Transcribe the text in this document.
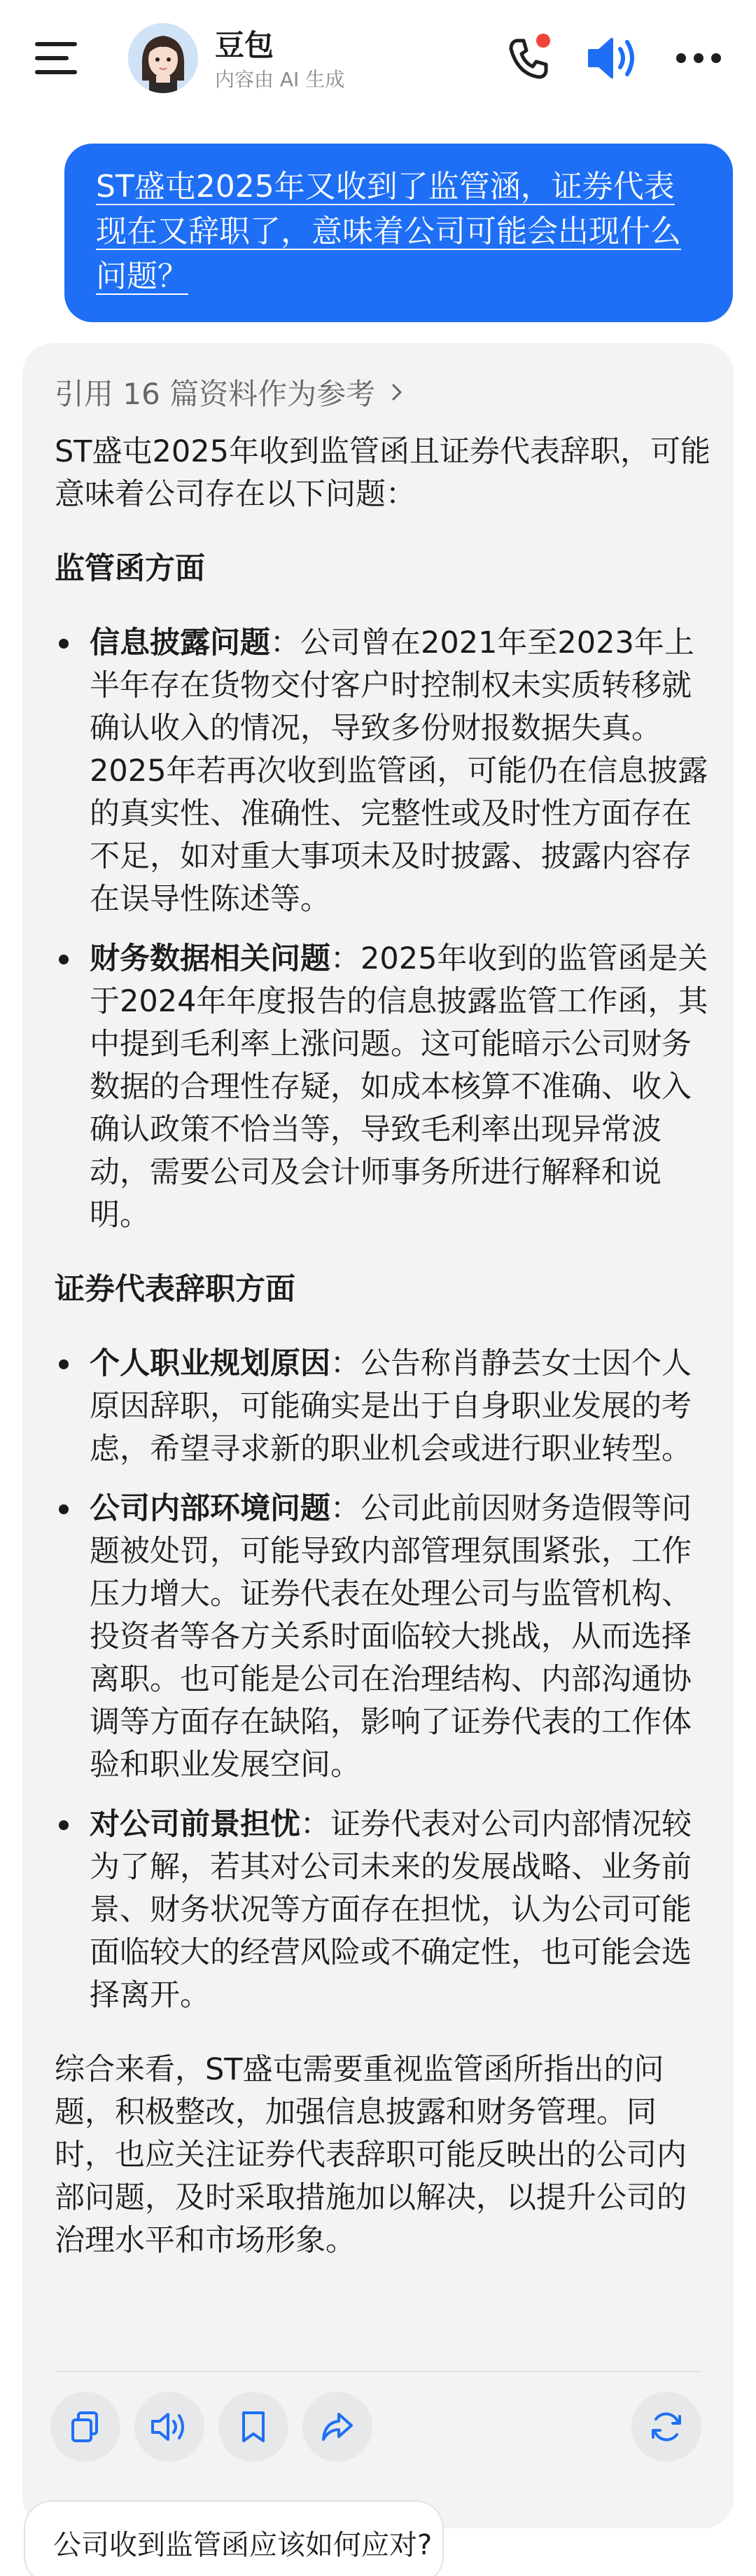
豆包
内容由 AI 生成

ST盛屯2025年又收到了监管涵，证券代表现在又辞职了，意味着公司可能会出现什么问题？

引用 16 篇资料作为参考

ST盛屯2025年收到监管函且证券代表辞职，可能意味着公司存在以下问题：

监管函方面
信息披露问题：公司曾在2021年至2023年上半年存在货物交付客户时控制权未实质转移就确认收入的情况，导致多份财报数据失真。2025年若再次收到监管函，可能仍在信息披露的真实性、准确性、完整性或及时性方面存在不足，如对重大事项未及时披露、披露内容存在误导性陈述等。
财务数据相关问题：2025年收到的监管函是关于2024年年度报告的信息披露监管工作函，其中提到毛利率上涨问题。这可能暗示公司财务数据的合理性存疑，如成本核算不准确、收入确认政策不恰当等，导致毛利率出现异常波动，需要公司及会计师事务所进行解释和说明。
证券代表辞职方面
个人职业规划原因：公告称肖静芸女士因个人原因辞职，可能确实是出于自身职业发展的考虑，希望寻求新的职业机会或进行职业转型。
公司内部环境问题：公司此前因财务造假等问题被处罚，可能导致内部管理氛围紧张，工作压力增大。证券代表在处理公司与监管机构、投资者等各方关系时面临较大挑战，从而选择离职。也可能是公司在治理结构、内部沟通协调等方面存在缺陷，影响了证券代表的工作体验和职业发展空间。
对公司前景担忧：证券代表对公司内部情况较为了解，若其对公司未来的发展战略、业务前景、财务状况等方面存在担忧，认为公司可能面临较大的经营风险或不确定性，也可能会选择离开。

综合来看，ST盛屯需要重视监管函所指出的问题，积极整改，加强信息披露和财务管理。同时，也应关注证券代表辞职可能反映出的公司内部问题，及时采取措施加以解决，以提升公司的治理水平和市场形象。

公司收到监管函应该如何应对?
